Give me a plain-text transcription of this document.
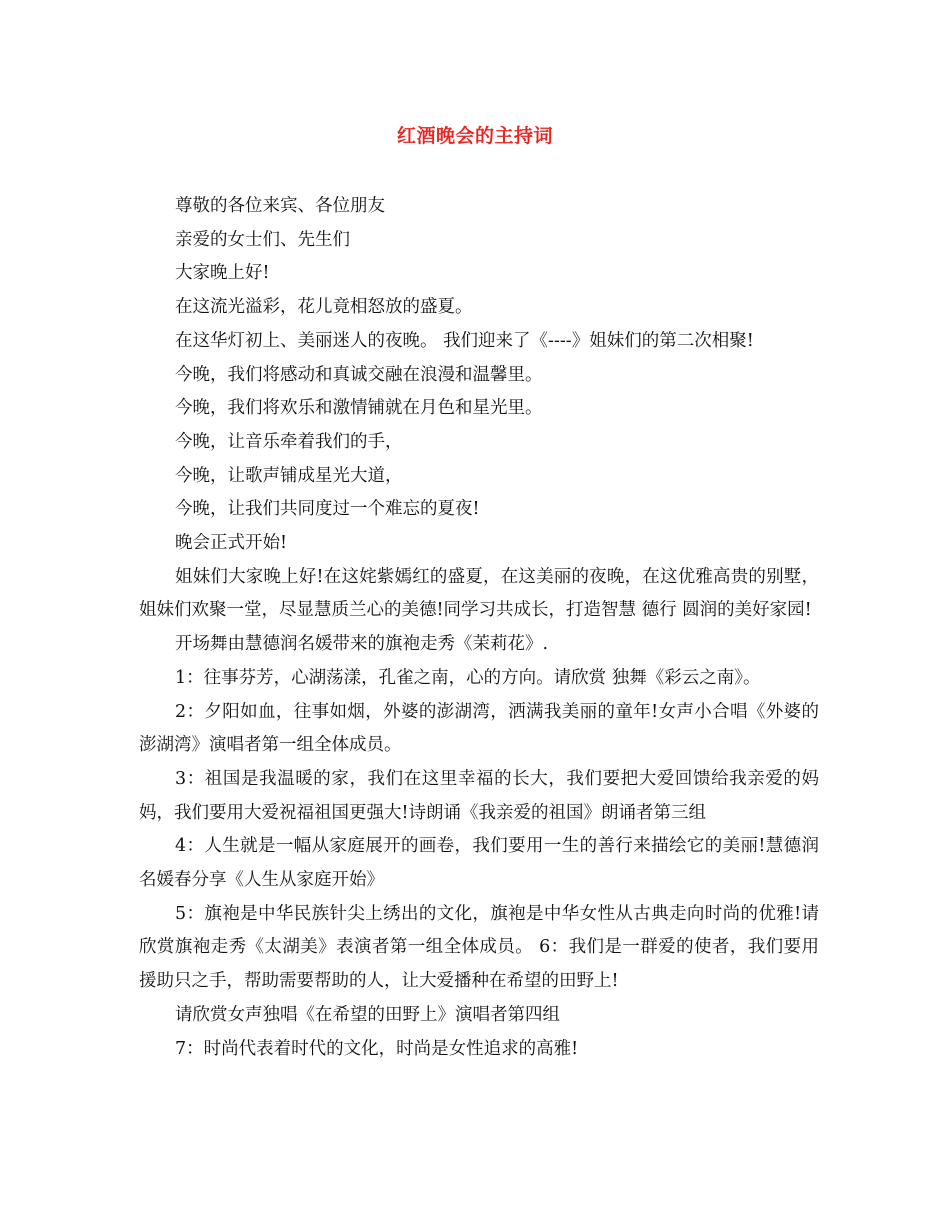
红酒晚会的主持词

尊敬的各位来宾、各位朋友

亲爱的女士们、先生们

大家晚上好!

在这流光溢彩，花儿竟相怒放的盛夏。

在这华灯初上、美丽迷人的夜晚。 我们迎来了《----》姐妹们的第二次相聚!

今晚，我们将感动和真诚交融在浪漫和温馨里。

今晚，我们将欢乐和激情铺就在月色和星光里。

今晚，让音乐牵着我们的手，

今晚，让歌声铺成星光大道，

今晚，让我们共同度过一个难忘的夏夜!

晚会正式开始!

姐妹们大家晚上好!在这姹紫嫣红的盛夏，在这美丽的夜晚，在这优雅高贵的别墅，姐妹们欢聚一堂，尽显慧质兰心的美德!同学习共成长，打造智慧 德行 圆润的美好家园!

开场舞由慧德润名媛带来的旗袍走秀《茉莉花》.

1：往事芬芳，心湖荡漾，孔雀之南，心的方向。请欣赏 独舞《彩云之南》。

2：夕阳如血，往事如烟，外婆的澎湖湾，洒满我美丽的童年!女声小合唱《外婆的澎湖湾》演唱者第一组全体成员。

3：祖国是我温暖的家，我们在这里幸福的长大，我们要把大爱回馈给我亲爱的妈妈，我们要用大爱祝福祖国更强大!诗朗诵《我亲爱的祖国》朗诵者第三组

4：人生就是一幅从家庭展开的画卷，我们要用一生的善行来描绘它的美丽!慧德润名媛春分享《人生从家庭开始》

5：旗袍是中华民族针尖上绣出的文化，旗袍是中华女性从古典走向时尚的优雅!请欣赏旗袍走秀《太湖美》表演者第一组全体成员。 6：我们是一群爱的使者，我们要用援助只之手，帮助需要帮助的人，让大爱播种在希望的田野上!

请欣赏女声独唱《在希望的田野上》演唱者第四组

7：时尚代表着时代的文化，时尚是女性追求的高雅!
